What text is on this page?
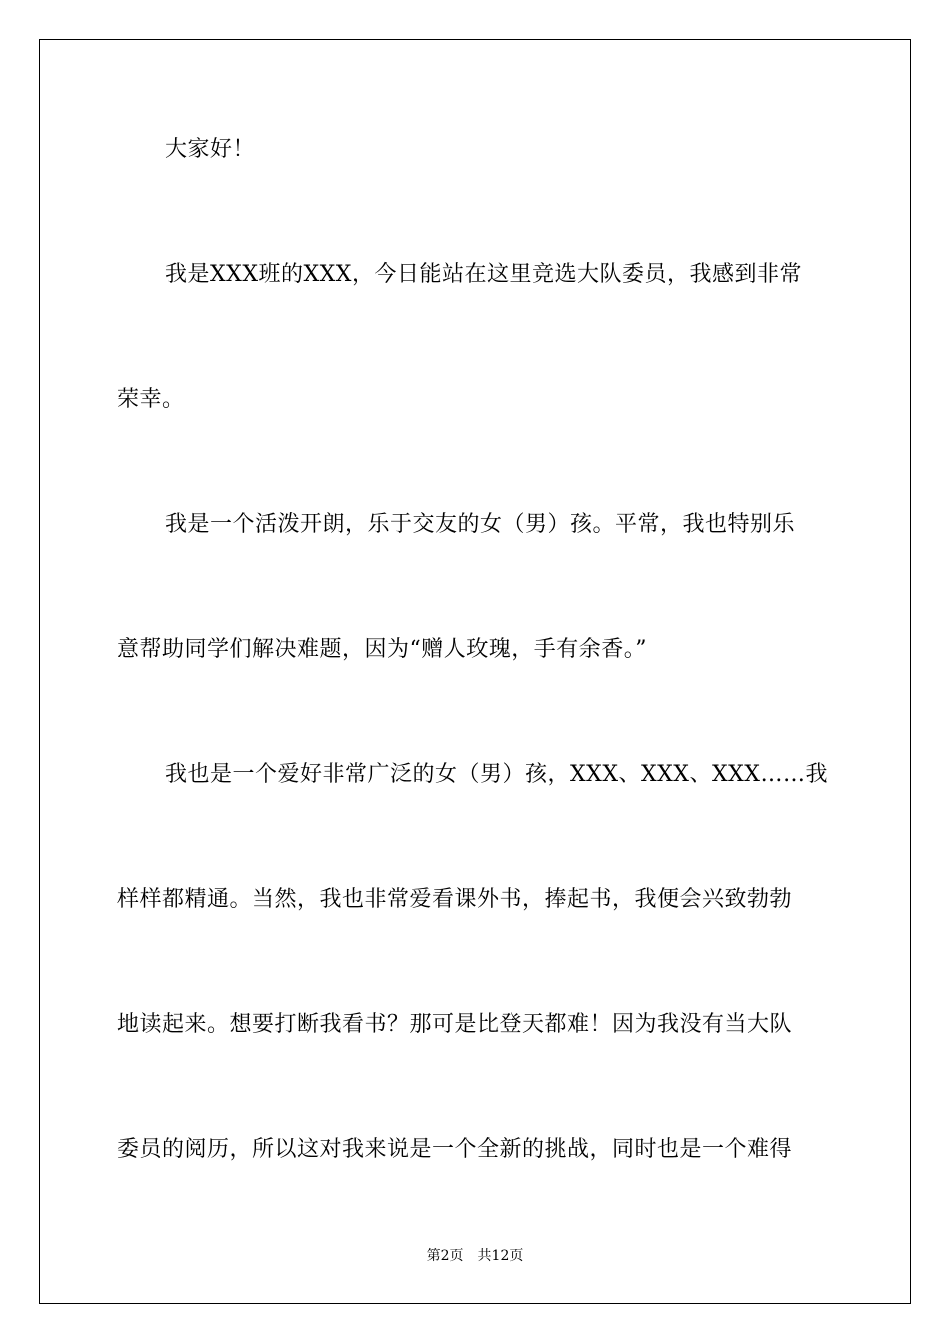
大家好！
我是XXX班的XXX，今日能站在这里竞选大队委员，我感到非常
荣幸。
我是一个活泼开朗，乐于交友的女（男）孩。平常，我也特别乐
意帮助同学们解决难题，因为“赠人玫瑰，手有余香。”
我也是一个爱好非常广泛的女（男）孩，XXX、XXX、XXX……我
样样都精通。当然，我也非常爱看课外书，捧起书，我便会兴致勃勃
地读起来。想要打断我看书？那可是比登天都难！因为我没有当大队
委员的阅历，所以这对我来说是一个全新的挑战，同时也是一个难得
第2页 共12页
